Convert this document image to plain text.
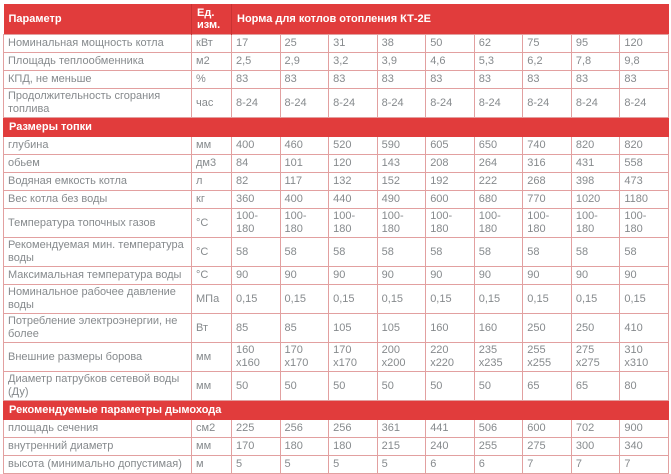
Параметр	Ед. изм.	Норма для котлов отопления КТ-2Е								
Номинальная мощность котла	кВт	17	25	31	38	50	62	75	95	120
Площадь теплообменника	м2	2,5	2,9	3,2	3,9	4,6	5,3	6,2	7,8	9,8
КПД, не меньше	%	83	83	83	83	83	83	83	83	83
Продолжительность сгорания топлива	час	8-24	8-24	8-24	8-24	8-24	8-24	8-24	8-24	8-24
Размеры топки										
глубина	мм	400	460	520	590	605	650	740	820	820
обьем	дм3	84	101	120	143	208	264	316	431	558
Водяная емкость котла	л	82	117	132	152	192	222	268	398	473
Вес котла без воды	кг	360	400	440	490	600	680	770	1020	1180
Температура топочных газов	°С	100-180	100-180	100-180	100-180	100-180	100-180	100-180	100-180	100-180
Рекомендуемая мин. температура воды	°С	58	58	58	58	58	58	58	58	58
Максимальная температура воды	°С	90	90	90	90	90	90	90	90	90
Номинальное рабочее давление воды	МПа	0,15	0,15	0,15	0,15	0,15	0,15	0,15	0,15	0,15
Потребление электроэнергии, не более	Вт	85	85	105	105	160	160	250	250	410
Внешние размеры борова	мм	160 x160	170 x170	170 x170	200 x200	220 x220	235 x235	255 x255	275 x275	310 x310
Диаметр патрубков сетевой воды (Ду)	мм	50	50	50	50	50	50	65	65	80
Рекомендуемые параметры дымохода										
площадь сечения	см2	225	256	256	361	441	506	600	702	900
внутренний диаметр	мм	170	180	180	215	240	255	275	300	340
высота (минимально допустимая)	м	5	5	5	5	6	6	7	7	7
